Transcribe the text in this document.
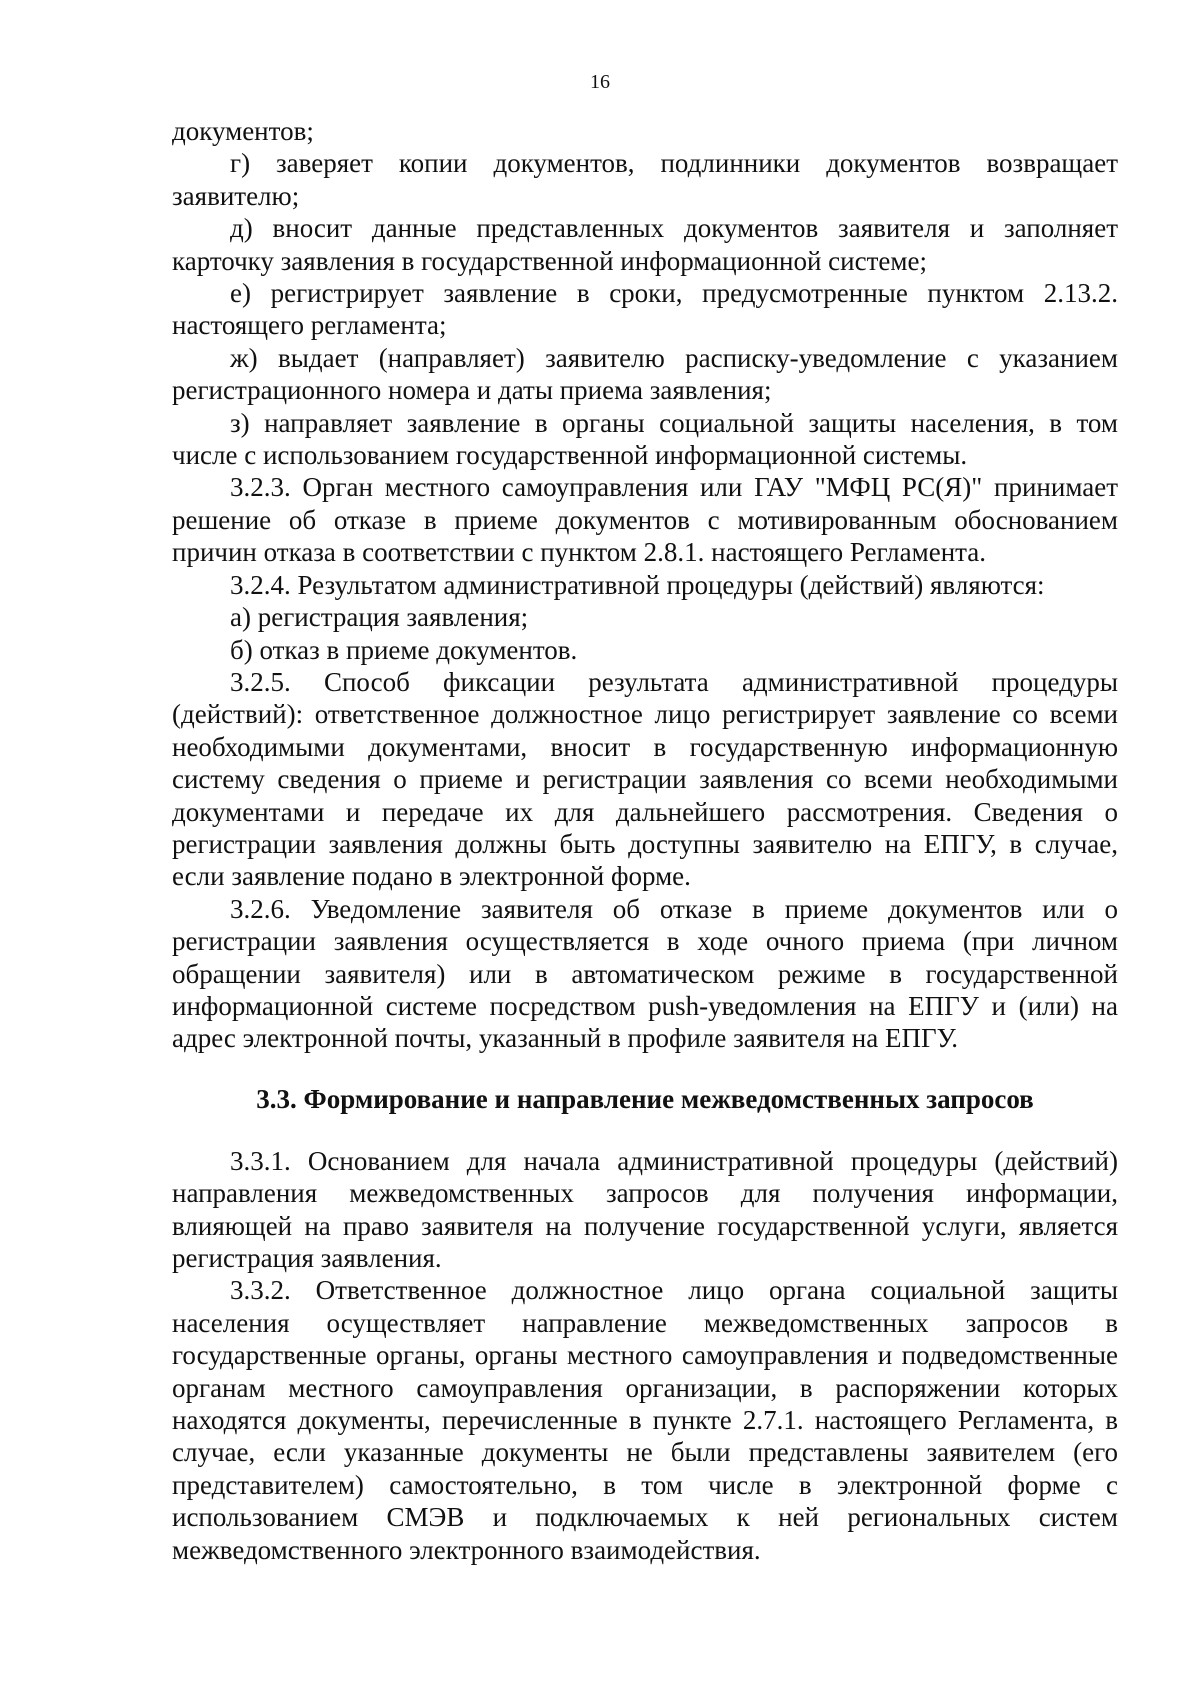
16

документов;

г) заверяет копии документов, подлинники документов возвращает заявителю;

д) вносит данные представленных документов заявителя и заполняет карточку заявления в государственной информационной системе;

е) регистрирует заявление в сроки, предусмотренные пунктом 2.13.2. настоящего регламента;

ж) выдает (направляет) заявителю расписку-уведомление с указанием регистрационного номера и даты приема заявления;

з) направляет заявление в органы социальной защиты населения, в том числе с использованием государственной информационной системы.

3.2.3. Орган местного самоуправления или ГАУ "МФЦ РС(Я)" принимает решение об отказе в приеме документов с мотивированным обоснованием причин отказа в соответствии с пунктом 2.8.1. настоящего Регламента.

3.2.4. Результатом административной процедуры (действий) являются:

а) регистрация заявления;

б) отказ в приеме документов.

3.2.5. Способ фиксации результата административной процедуры (действий): ответственное должностное лицо регистрирует заявление со всеми необходимыми документами, вносит в государственную информационную систему сведения о приеме и регистрации заявления со всеми необходимыми документами и передаче их для дальнейшего рассмотрения. Сведения о регистрации заявления должны быть доступны заявителю на ЕПГУ, в случае, если заявление подано в электронной форме.

3.2.6. Уведомление заявителя об отказе в приеме документов или о регистрации заявления осуществляется в ходе очного приема (при личном обращении заявителя) или в автоматическом режиме в государственной информационной системе посредством push-уведомления на ЕПГУ и (или) на адрес электронной почты, указанный в профиле заявителя на ЕПГУ.

3.3. Формирование и направление межведомственных запросов

3.3.1. Основанием для начала административной процедуры (действий) направления межведомственных запросов для получения информации, влияющей на право заявителя на получение государственной услуги, является регистрация заявления.

3.3.2. Ответственное должностное лицо органа социальной защиты населения осуществляет направление межведомственных запросов в государственные органы, органы местного самоуправления и подведомственные органам местного самоуправления организации, в распоряжении которых находятся документы, перечисленные в пункте 2.7.1. настоящего Регламента, в случае, если указанные документы не были представлены заявителем (его представителем) самостоятельно, в том числе в электронной форме с использованием СМЭВ и подключаемых к ней региональных систем межведомственного электронного взаимодействия.
